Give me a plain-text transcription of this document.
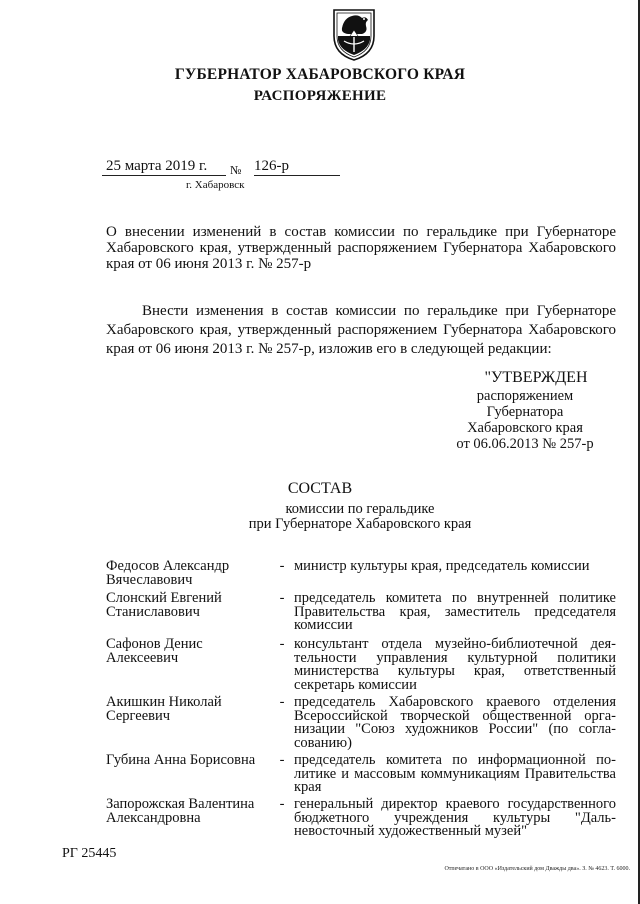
ГУБЕРНАТОР ХАБАРОВСКОГО КРАЯ
РАСПОРЯЖЕНИЕ
25 марта 2019 г. № 126-р
г. Хабаровск
О внесении изменений в состав комиссии по геральдике при Губернаторе Хабаровского края, утвержденный распоряжением Губернатора Хабаровского края от 06 июня 2013 г. № 257-р
Внести изменения в состав комиссии по геральдике при Губернаторе Хабаровского края, утвержденный распоряжением Губернатора Хабаровского края от 06 июня 2013 г. № 257-р, изложив его в следующей редакции:
"УТВЕРЖДЕН
распоряжением
Губернатора
Хабаровского края
от 06.06.2013 № 257-р
СОСТАВ
комиссии по геральдике
при Губернаторе Хабаровского края
Федосов Александр Вячеславович
- министр культуры края, председатель комиссии
Слонский Евгений Станиславович
- председатель комитета по внутренней политике Правительства края, заместитель председателя комиссии
Сафонов Денис Алексеевич
- консультант отдела музейно-библиотечной деятельности управления культурной политики министерства культуры края, ответственный секретарь комиссии
Акишкин Николай Сергеевич
- председатель Хабаровского краевого отделения Всероссийской творческой общественной организации "Союз художников России" (по согласованию)
Губина Анна Борисовна	- председатель комитета по информационной политике и массовым коммуникациям Правительства края
Запорожская Валентина Александровна
- генеральный директор краевого государственного бюджетного учреждения культуры "Дальневосточный художественный музей"
РГ 25445
Отпечатано в ООО «Издательский дом Дважды два». З. № 4623. Т. 6000.
